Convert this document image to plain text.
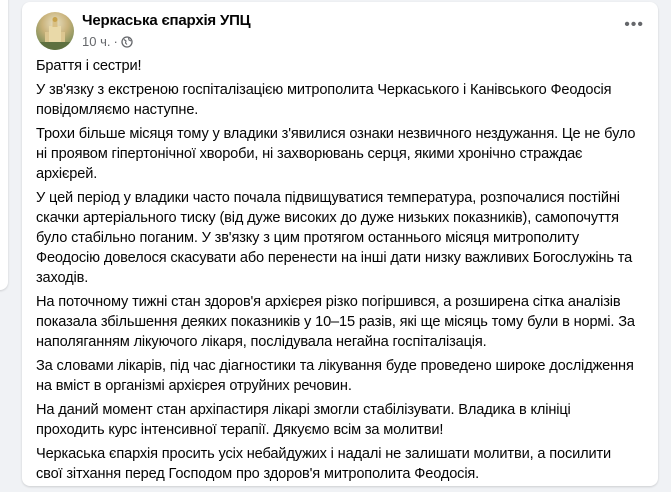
Черкаська єпархія УПЦ
10 ч. ·
•••
Браття і сестри!
У зв'язку з екстреною госпіталізацією митрополита Черкаського і Канівського Феодосія
повідомляємо наступне.
Трохи більше місяця тому у владики з'явилися ознаки незвичного нездужання. Це не було
ні проявом гіпертонічної хвороби, ні захворювань серця, якими хронічно страждає
архієрей.
У цей період у владики часто почала підвищуватися температура, розпочалися постійні
скачки артеріального тиску (від дуже високих до дуже низьких показників), самопочуття
було стабільно поганим. У зв'язку з цим протягом останнього місяця митрополиту
Феодосію довелося скасувати або перенести на інші дати низку важливих Богослужінь та
заходів.
На поточному тижні стан здоров'я архієрея різко погіршився, а розширена сітка аналізів
показала збільшення деяких показників у 10–15 разів, які ще місяць тому були в нормі. За
наполяганням лікуючого лікаря, послідувала негайна госпіталізація.
За словами лікарів, під час діагностики та лікування буде проведено широке дослідження
на вміст в організмі архієрея отруйних речовин.
На даний момент стан архіпастиря лікарі змогли стабілізувати. Владика в клініці
проходить курс інтенсивної терапії. Дякуємо всім за молитви!
Черкаська єпархія просить усіх небайдужих і надалі не залишати молитви, а посилити
свої зітхання перед Господом про здоров'я митрополита Феодосія.
